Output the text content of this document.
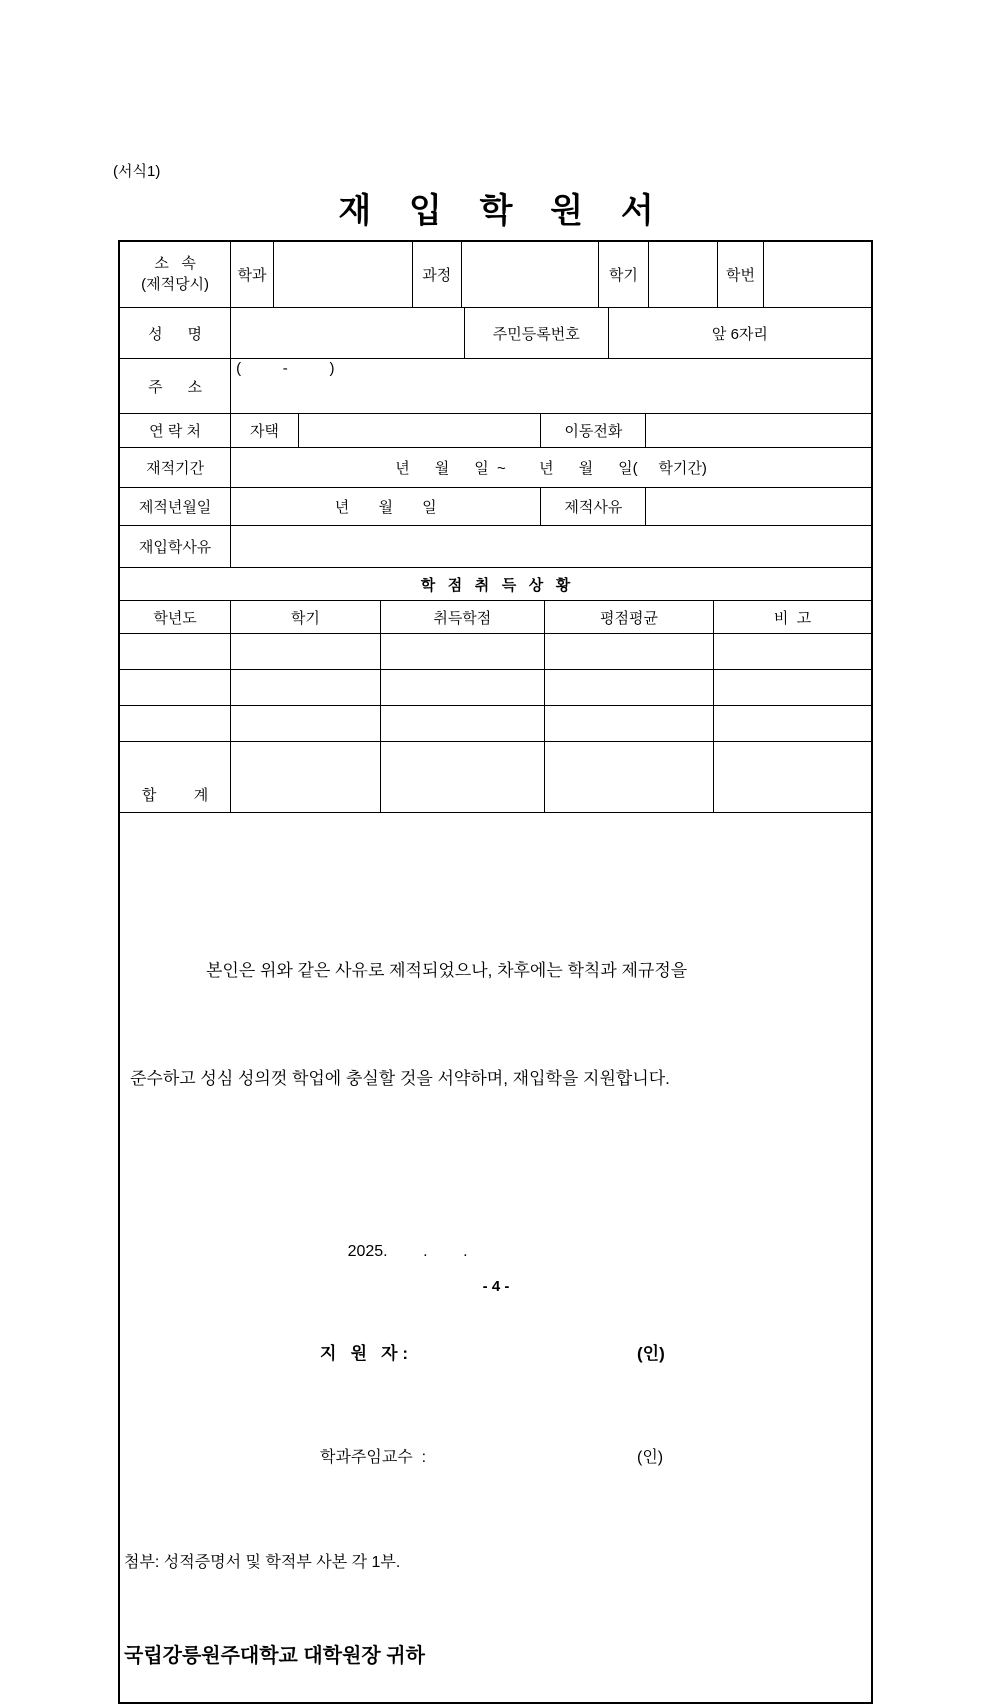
(서식1)
재    입    학    원    서
소   속
(제적당시)	학과	과정	학기	학번
성      명	주민등록번호	앞 6자리
주      소
(          -          )
연 락 처	자택	이동전화
재적기간	년      월      일  ~        년      월      일(     학기간)
제적년월일	년       월       일	제적사유
재입학사유
학   점   취   득   상   황
학년도	학기	취득학점	평점평균	비  고
합         계

본인은 위와 같은 사유로 제적되었으나, 차후에는 학칙과 제규정을

준수하고 성심 성의껏 학업에 충실할 것을 서약하며, 재입학을 지원합니다.

2025.        .        .

지   원   자 :	(인)

학과주임교수  :	(인)

첨부: 성적증명서 및 학적부 사본 각 1부.

국립강릉원주대학교 대학원장 귀하

- 4 -
